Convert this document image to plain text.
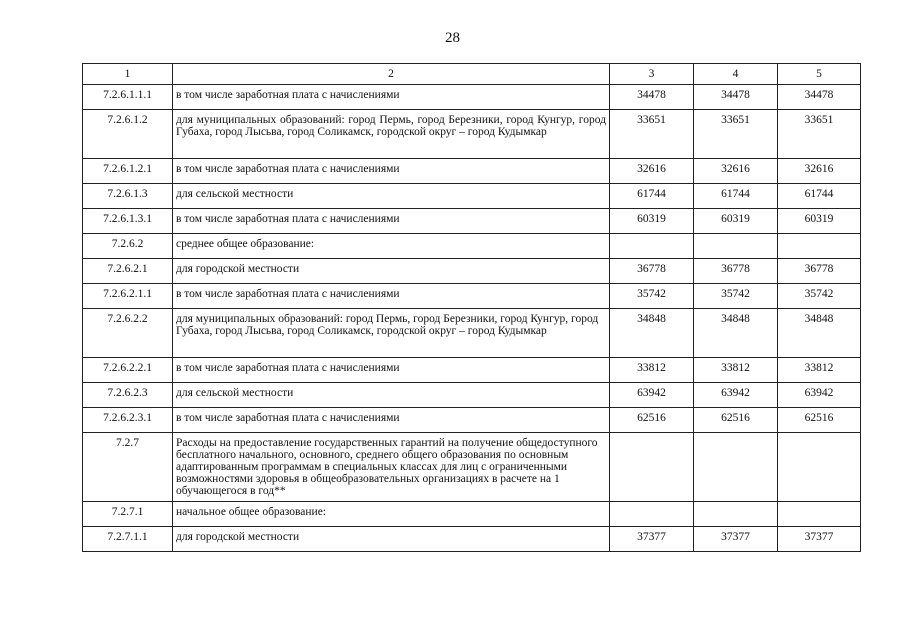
28
1	2	3	4	5
7.2.6.1.1.1	в том числе заработная плата с начислениями	34478	34478	34478
7.2.6.1.2	для муниципальных образований: город Пермь, город Березники, город Кунгур, город Губаха, город Лысьва, город Соликамск, городской округ – город Кудымкар	33651	33651	33651
7.2.6.1.2.1	в том числе заработная плата с начислениями	32616	32616	32616
7.2.6.1.3	для сельской местности	61744	61744	61744
7.2.6.1.3.1	в том числе заработная плата с начислениями	60319	60319	60319
7.2.6.2	среднее общее образование:			
7.2.6.2.1	для городской местности	36778	36778	36778
7.2.6.2.1.1	в том числе заработная плата с начислениями	35742	35742	35742
7.2.6.2.2	для муниципальных образований: город Пермь, город Березники, город Кунгур, город Губаха, город Лысьва, город Соликамск, городской округ – город Кудымкар	34848	34848	34848
7.2.6.2.2.1	в том числе заработная плата с начислениями	33812	33812	33812
7.2.6.2.3	для сельской местности	63942	63942	63942
7.2.6.2.3.1	в том числе заработная плата с начислениями	62516	62516	62516
7.2.7	Расходы на предоставление государственных гарантий на получение общедоступного бесплатного начального, основного, среднего общего образования по основным адаптированным программам в специальных классах для лиц с ограниченными возможностями здоровья в общеобразовательных организациях в расчете на 1 обучающегося в год**			
7.2.7.1	начальное общее образование:			
7.2.7.1.1	для городской местности	37377	37377	37377
